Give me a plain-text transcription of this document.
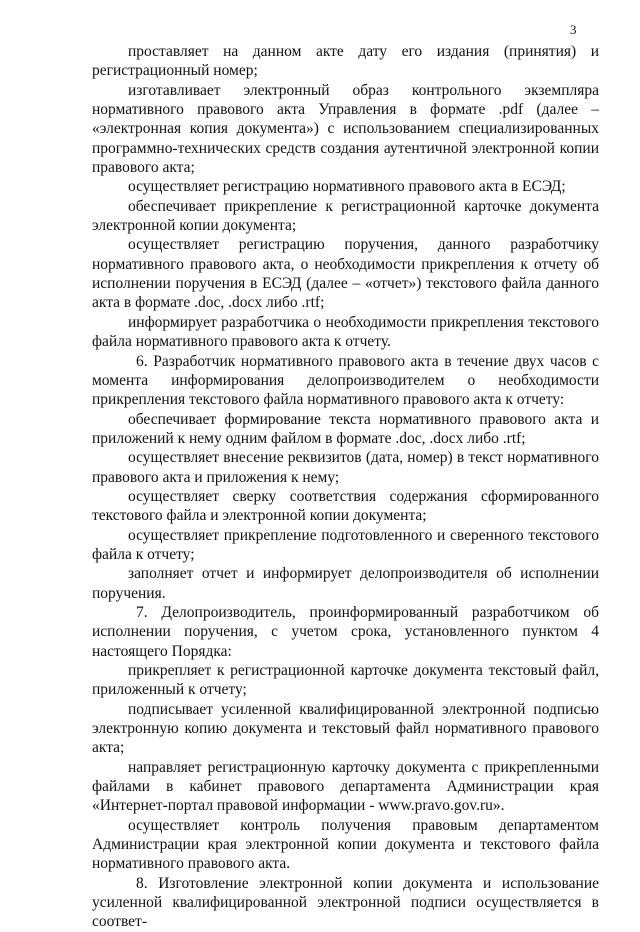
3

проставляет на данном акте дату его издания (принятия) и регистрационный номер;

изготавливает электронный образ контрольного экземпляра нормативного правового акта Управления в формате .pdf (далее – «электронная копия документа») с использованием специализированных программно-технических средств создания аутентичной электронной копии правового акта;

осуществляет регистрацию нормативного правового акта в ЕСЭД;

обеспечивает прикрепление к регистрационной карточке документа электронной копии документа;

осуществляет регистрацию поручения, данного разработчику нормативного правового акта, о необходимости прикрепления к отчету об исполнении поручения в ЕСЭД (далее – «отчет») текстового файла данного акта в формате .doc, .docx либо .rtf;

информирует разработчика о необходимости прикрепления текстового файла нормативного правового акта к отчету.

6. Разработчик нормативного правового акта в течение двух часов с момента информирования делопроизводителем о необходимости прикрепления текстового файла нормативного правового акта к отчету:

обеспечивает формирование текста нормативного правового акта и приложений к нему одним файлом в формате .doc, .docx либо .rtf;

осуществляет внесение реквизитов (дата, номер) в текст нормативного правового акта и приложения к нему;

осуществляет сверку соответствия содержания сформированного текстового файла и электронной копии документа;

осуществляет прикрепление подготовленного и сверенного текстового файла к отчету;

заполняет отчет и информирует делопроизводителя об исполнении поручения.

7. Делопроизводитель, проинформированный разработчиком об исполнении поручения, с учетом срока, установленного пунктом 4 настоящего Порядка:

прикрепляет к регистрационной карточке документа текстовый файл, приложенный к отчету;

подписывает усиленной квалифицированной электронной подписью электронную копию документа и текстовый файл нормативного правового акта;

направляет регистрационную карточку документа с прикрепленными файлами в кабинет правового департамента Администрации края «Интернет-портал правовой информации - www.pravo.gov.ru».

осуществляет контроль получения правовым департаментом Администрации края электронной копии документа и текстового файла нормативного правового акта.

8. Изготовление электронной копии документа и использование усиленной квалифицированной электронной подписи осуществляется в соответ-
